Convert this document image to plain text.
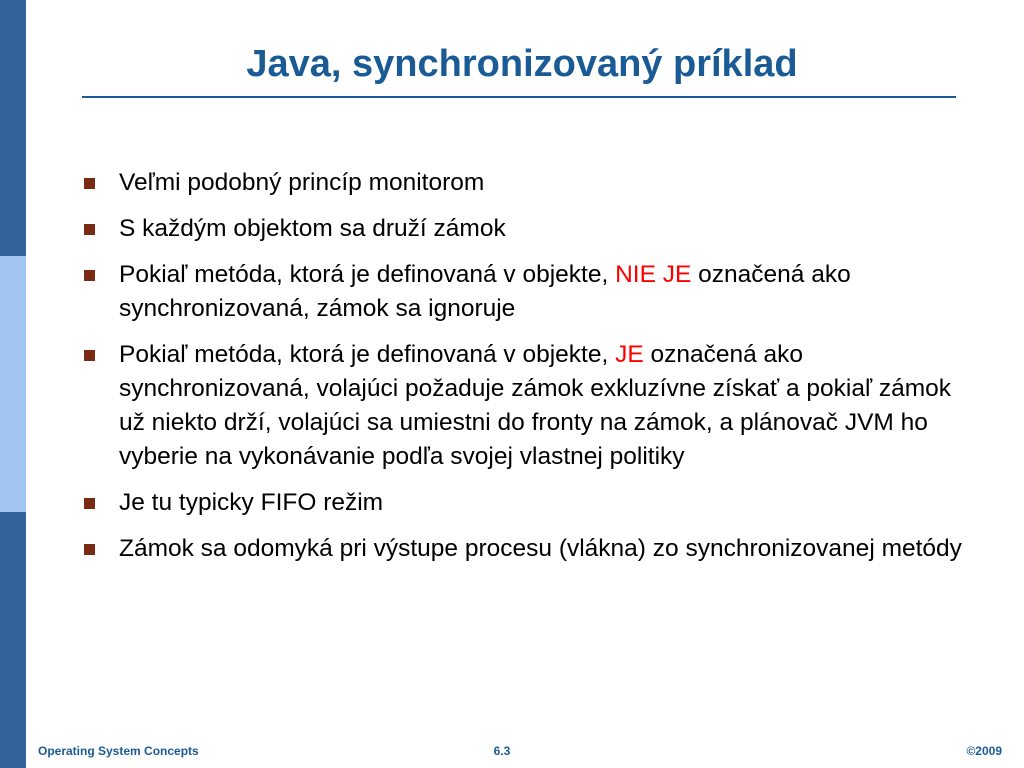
Java, synchronizovaný príklad
Veľmi podobný princíp monitorom
S každým objektom sa druží zámok
Pokiaľ metóda, ktorá je definovaná v objekte, NIE JE označená ako synchronizovaná, zámok sa ignoruje
Pokiaľ metóda, ktorá je definovaná v objekte, JE označená ako synchronizovaná, volajúci požaduje zámok exkluzívne získať a pokiaľ zámok už niekto drží, volajúci sa umiestni do fronty na zámok, a plánovač JVM ho vyberie na vykonávanie podľa svojej vlastnej politiky
Je tu typicky FIFO režim
Zámok sa odomyká pri výstupe procesu (vlákna) zo synchronizovanej metódy
Operating System Concepts	6.3	©2009
